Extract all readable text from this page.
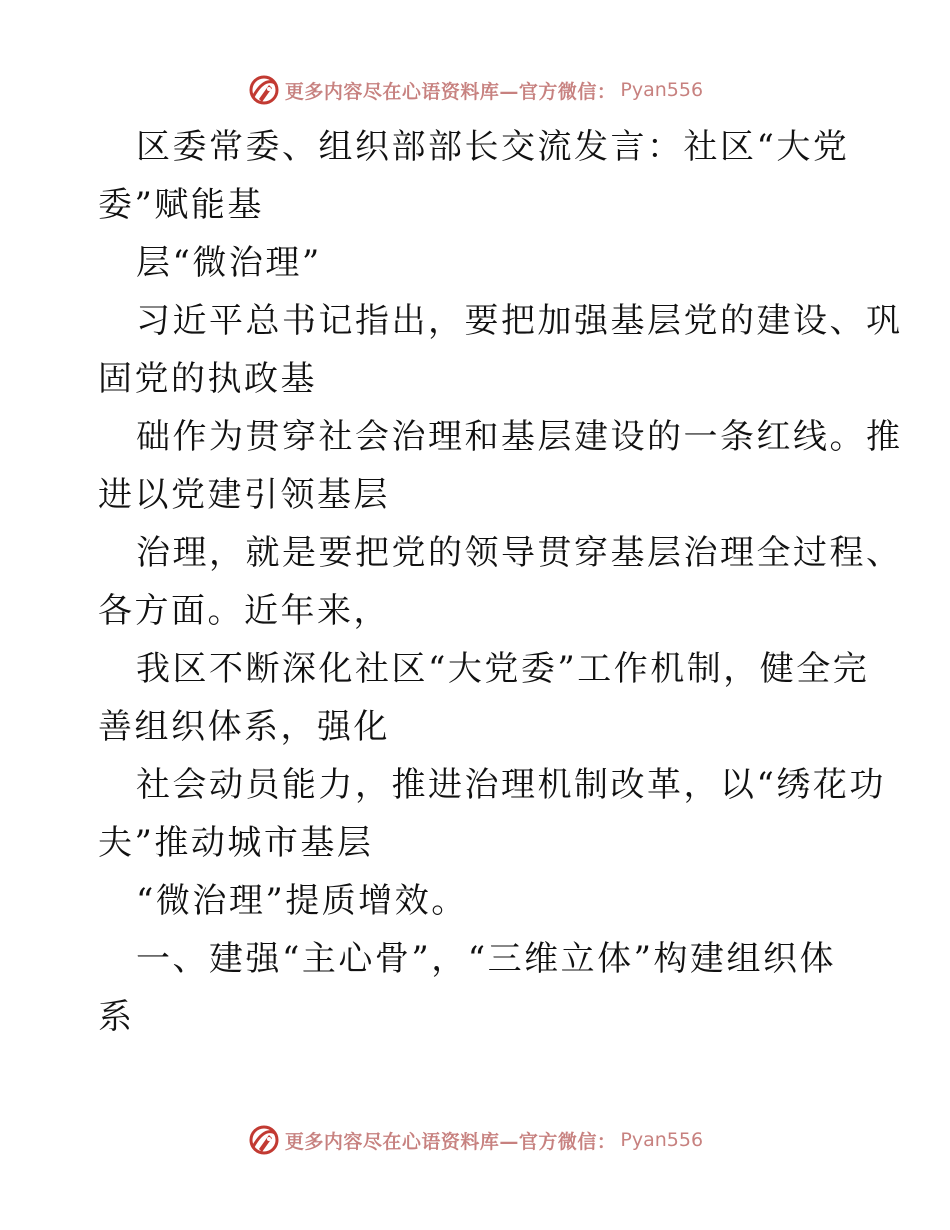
更多内容尽在心语资料库—官方微信： Pyan556

区委常委、组织部部长交流发言：社区“大党

委”赋能基

层“微治理”

习近平总书记指出，要把加强基层党的建设、巩

固党的执政基

础作为贯穿社会治理和基层建设的一条红线。推

进以党建引领基层

治理，就是要把党的领导贯穿基层治理全过程、

各方面。近年来，

我区不断深化社区“大党委”工作机制，健全完

善组织体系，强化

社会动员能力，推进治理机制改革，以“绣花功

夫”推动城市基层

“微治理”提质增效。

一、建强“主心骨”，“三维立体”构建组织体

系

更多内容尽在心语资料库—官方微信： Pyan556
